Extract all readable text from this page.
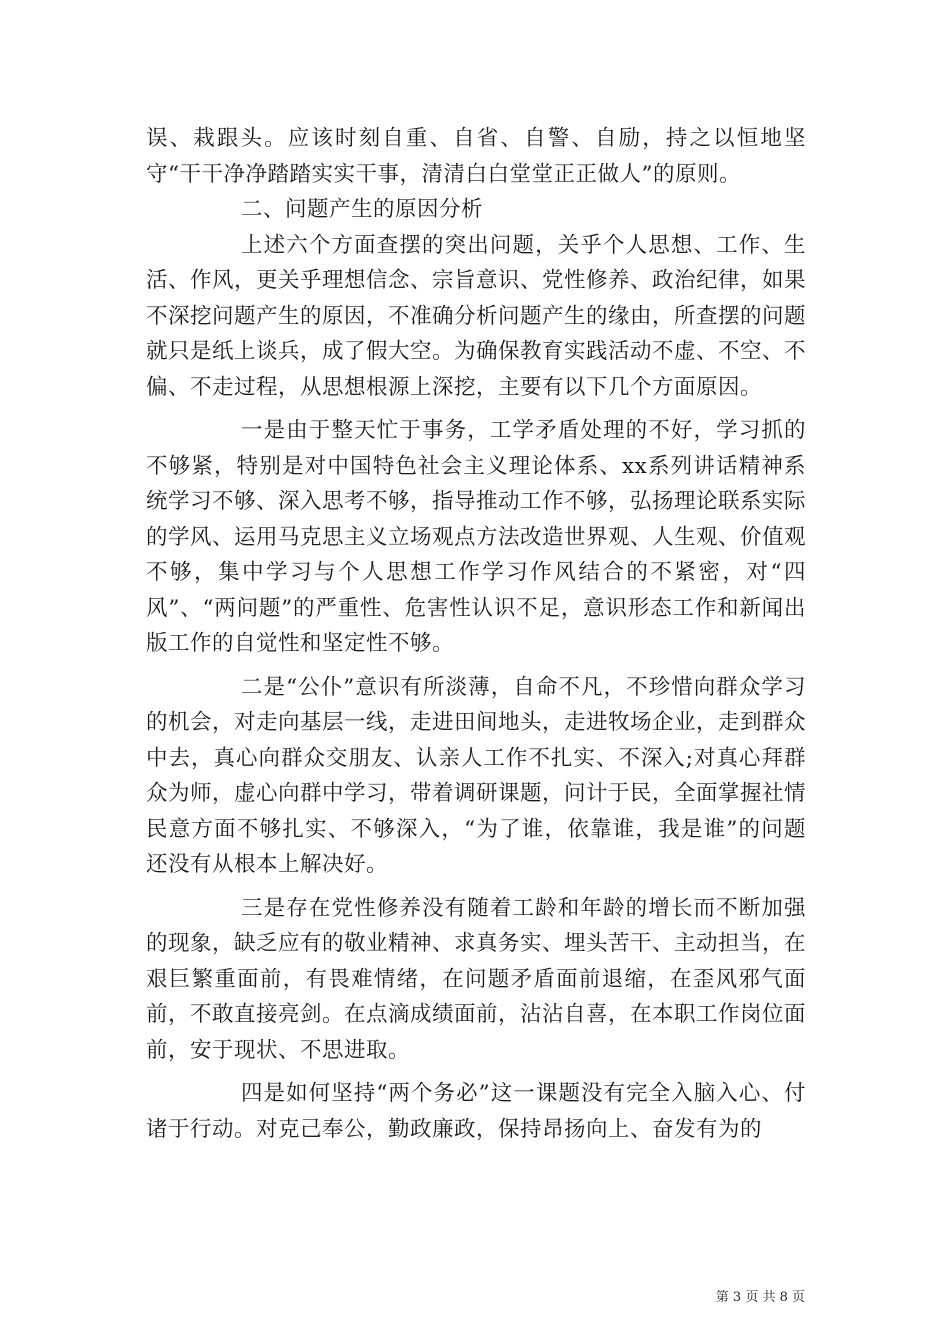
误、栽跟头。应该时刻自重、自省、自警、自励，持之以恒地坚守“干干净净踏踏实实干事，清清白白堂堂正正做人”的原则。

二、问题产生的原因分析

上述六个方面查摆的突出问题，关乎个人思想、工作、生活、作风，更关乎理想信念、宗旨意识、党性修养、政治纪律，如果不深挖问题产生的原因，不准确分析问题产生的缘由，所查摆的问题就只是纸上谈兵，成了假大空。为确保教育实践活动不虚、不空、不偏、不走过程，从思想根源上深挖，主要有以下几个方面原因。

一是由于整天忙于事务，工学矛盾处理的不好，学习抓的不够紧，特别是对中国特色社会主义理论体系、xx系列讲话精神系统学习不够、深入思考不够，指导推动工作不够，弘扬理论联系实际的学风、运用马克思主义立场观点方法改造世界观、人生观、价值观不够，集中学习与个人思想工作学习作风结合的不紧密，对“四风”、“两问题”的严重性、危害性认识不足，意识形态工作和新闻出版工作的自觉性和坚定性不够。

二是“公仆”意识有所淡薄，自命不凡，不珍惜向群众学习的机会，对走向基层一线，走进田间地头，走进牧场企业，走到群众中去，真心向群众交朋友、认亲人工作不扎实、不深入;对真心拜群众为师，虚心向群中学习，带着调研课题，问计于民，全面掌握社情民意方面不够扎实、不够深入，“为了谁，依靠谁，我是谁”的问题还没有从根本上解决好。

三是存在党性修养没有随着工龄和年龄的增长而不断加强的现象，缺乏应有的敬业精神、求真务实、埋头苦干、主动担当，在艰巨繁重面前，有畏难情绪，在问题矛盾面前退缩，在歪风邪气面前，不敢直接亮剑。在点滴成绩面前，沾沾自喜，在本职工作岗位面前，安于现状、不思进取。

四是如何坚持“两个务必”这一课题没有完全入脑入心、付诸于行动。对克己奉公，勤政廉政，保持昂扬向上、奋发有为的

第 3 页 共 8 页
